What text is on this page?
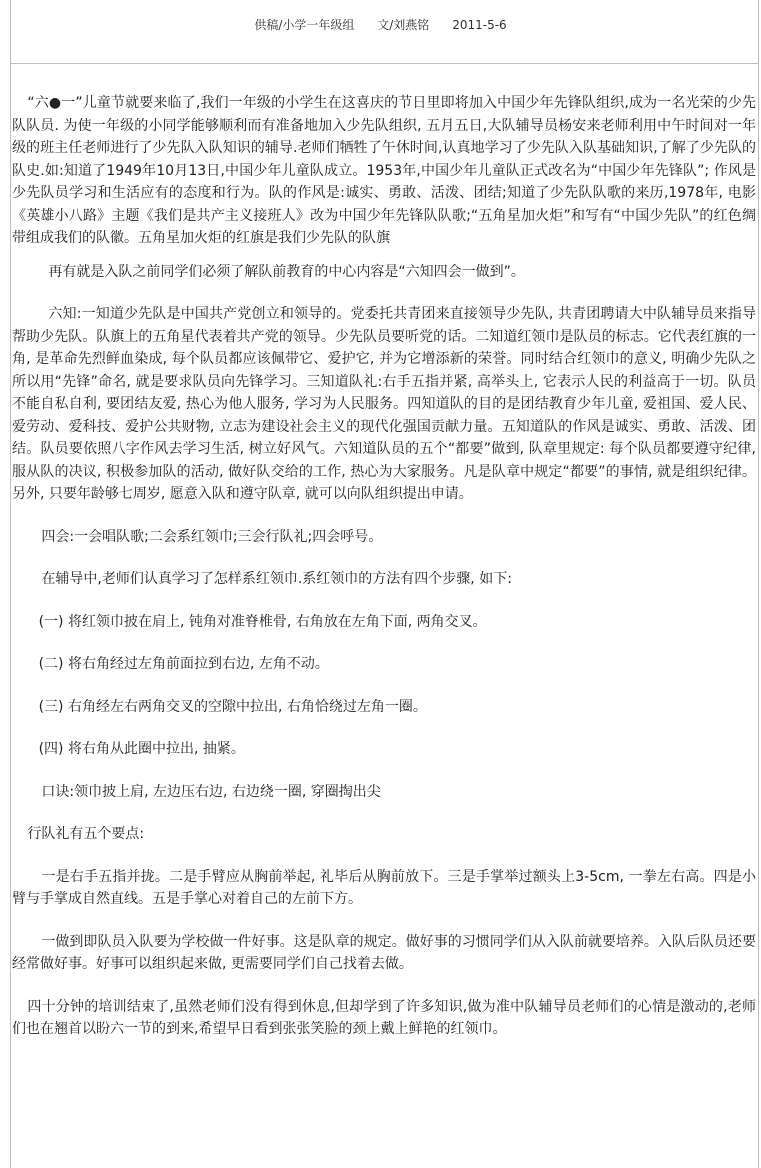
供稿/小学一年级组 文/刘燕铭 2011-5-6

“六●一”儿童节就要来临了,我们一年级的小学生在这喜庆的节日里即将加入中国少年先锋队组织,成为一名光荣的少先队队员. 为使一年级的小同学能够顺利而有准备地加入少先队组织, 五月五日,大队辅导员杨安来老师利用中午时间对一年级的班主任老师进行了少先队入队知识的辅导.老师们牺牲了午休时间,认真地学习了少先队入队基础知识,了解了少先队的队史.如:知道了1949年10月13日,中国少年儿童队成立。1953年,中国少年儿童队正式改名为“中国少年先锋队”; 作风是少先队员学习和生活应有的态度和行为。队的作风是:诚实、勇敢、活泼、团结;知道了少先队队歌的来历,1978年, 电影《英雄小八路》主题《我们是共产主义接班人》改为中国少年先锋队队歌;“五角星加火炬”和写有“中国少先队”的红色绸带组成我们的队徽。五角星加火炬的红旗是我们少先队的队旗

再有就是入队之前同学们必须了解队前教育的中心内容是“六知四会一做到”。

六知:一知道少先队是中国共产党创立和领导的。党委托共青团来直接领导少先队, 共青团聘请大中队辅导员来指导帮助少先队。队旗上的五角星代表着共产党的领导。少先队员要听党的话。二知道红领巾是队员的标志。它代表红旗的一角, 是革命先烈鲜血染成, 每个队员都应该佩带它、爱护它, 并为它增添新的荣誉。同时结合红领巾的意义, 明确少先队之所以用“先锋”命名, 就是要求队员向先锋学习。三知道队礼:右手五指并紧, 高举头上, 它表示人民的利益高于一切。队员不能自私自利, 要团结友爱, 热心为他人服务, 学习为人民服务。四知道队的目的是团结教育少年儿童, 爱祖国、爱人民、爱劳动、爱科技、爱护公共财物, 立志为建设社会主义的现代化强国贡献力量。五知道队的作风是诚实、勇敢、活泼、团结。队员要依照八字作风去学习生活, 树立好风气。六知道队员的五个“都要”做到, 队章里规定: 每个队员都要遵守纪律, 服从队的决议, 积极参加队的活动, 做好队交给的工作, 热心为大家服务。凡是队章中规定“都要”的事情, 就是组织纪律。另外, 只要年龄够七周岁, 愿意入队和遵守队章, 就可以向队组织提出申请。

四会:一会唱队歌;二会系红领巾;三会行队礼;四会呼号。

在辅导中,老师们认真学习了怎样系红领巾.系红领巾的方法有四个步骤, 如下:

(一) 将红领巾披在肩上, 钝角对准脊椎骨, 右角放在左角下面, 两角交叉。

(二) 将右角经过左角前面拉到右边, 左角不动。

(三) 右角经左右两角交叉的空隙中拉出, 右角恰绕过左角一圈。

(四) 将右角从此圈中拉出, 抽紧。

口诀:领巾披上肩, 左边压右边, 右边绕一圈, 穿圈掏出尖

行队礼有五个要点:

一是右手五指并拢。二是手臂应从胸前举起, 礼毕后从胸前放下。三是手掌举过额头上3-5cm, 一拳左右高。四是小臂与手掌成自然直线。五是手掌心对着自己的左前下方。

一做到即队员入队要为学校做一件好事。这是队章的规定。做好事的习惯同学们从入队前就要培养。入队后队员还要经常做好事。好事可以组织起来做, 更需要同学们自己找着去做。

四十分钟的培训结束了,虽然老师们没有得到休息,但却学到了许多知识,做为准中队辅导员老师们的心情是激动的,老师们也在翘首以盼六一节的到来,希望早日看到张张笑脸的颈上戴上鲜艳的红领巾。
